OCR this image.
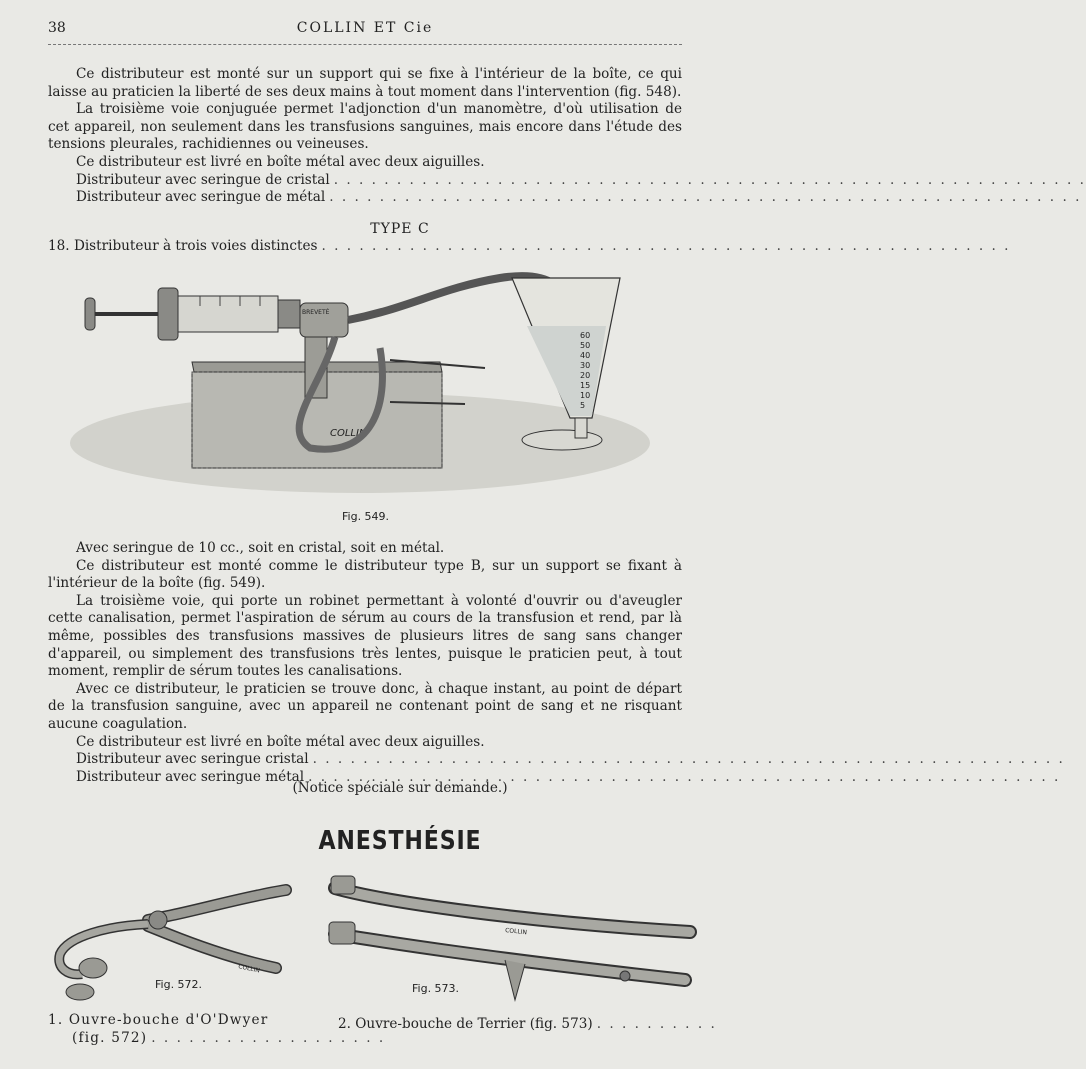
38	COLLIN ET Cie

Ce distributeur est monté sur un support qui se fixe à l'intérieur de la boîte, ce qui laisse au praticien la liberté de ses deux mains à tout moment dans l'intervention (fig. 548).

La troisième voie conjuguée permet l'adjonction d'un manomètre, d'où utilisation de cet appareil, non seulement dans les transfusions sanguines, mais encore dans l'étude des tensions pleurales, rachidiennes ou veineuses.

Ce distributeur est livré en boîte métal avec deux aiguilles.
Distributeur avec seringue de cristal . . . . . . . . . . . . . . . . . . . . . . . . . . . . . . . . . . . . . . . . . . . . . . . . . . . . . . . . . . . .
Distributeur avec seringue de métal . . . . . . . . . . . . . . . . . . . . . . . . . . . . . . . . . . . . . . . . . . . . . . . . . . . . . . . . . . . .
TYPE C
18. Distributeur à trois voies distinctes . . . . . . . . . . . . . . . . . . . . . . . . . . . . . . . . . . . . . . . . . . . . . . . . . . . . . . .
COLLIN
BREVETÉ
60
50
40
30
20
15
10
5
Fig. 549.

Avec seringue de 10 cc., soit en cristal, soit en métal.

Ce distributeur est monté comme le distributeur type B, sur un support se fixant à l'intérieur de la boîte (fig. 549).

La troisième voie, qui porte un robinet permettant à volonté d'ouvrir ou d'aveugler cette canalisation, permet l'aspiration de sérum au cours de la transfusion et rend, par là même, possibles des transfusions massives de plusieurs litres de sang sans changer d'appareil, ou simplement des transfusions très lentes, puisque le praticien peut, à tout moment, remplir de sérum toutes les canalisations.

Avec ce distributeur, le praticien se trouve donc, à chaque instant, au point de départ de la transfusion sanguine, avec un appareil ne contenant point de sang et ne risquant aucune coagulation.

Ce distributeur est livré en boîte métal avec deux aiguilles.
Distributeur avec seringue cristal . . . . . . . . . . . . . . . . . . . . . . . . . . . . . . . . . . . . . . . . . . . . . . . . . . . . . . . . . . . .
Distributeur avec seringue métal . . . . . . . . . . . . . . . . . . . . . . . . . . . . . . . . . . . . . . . . . . . . . . . . . . . . . . . . . . . .
(Notice spéciale sur demande.)
ANESTHÉSIE
COLLIN
Fig. 572.
COLLIN
Fig. 573.
1. Ouvre-bouche d'O'Dwyer
(fig. 572) . . . . . . . . . . . . . . . . . . .
2. Ouvre-bouche de Terrier (fig. 573) . . . . . . . . . .
